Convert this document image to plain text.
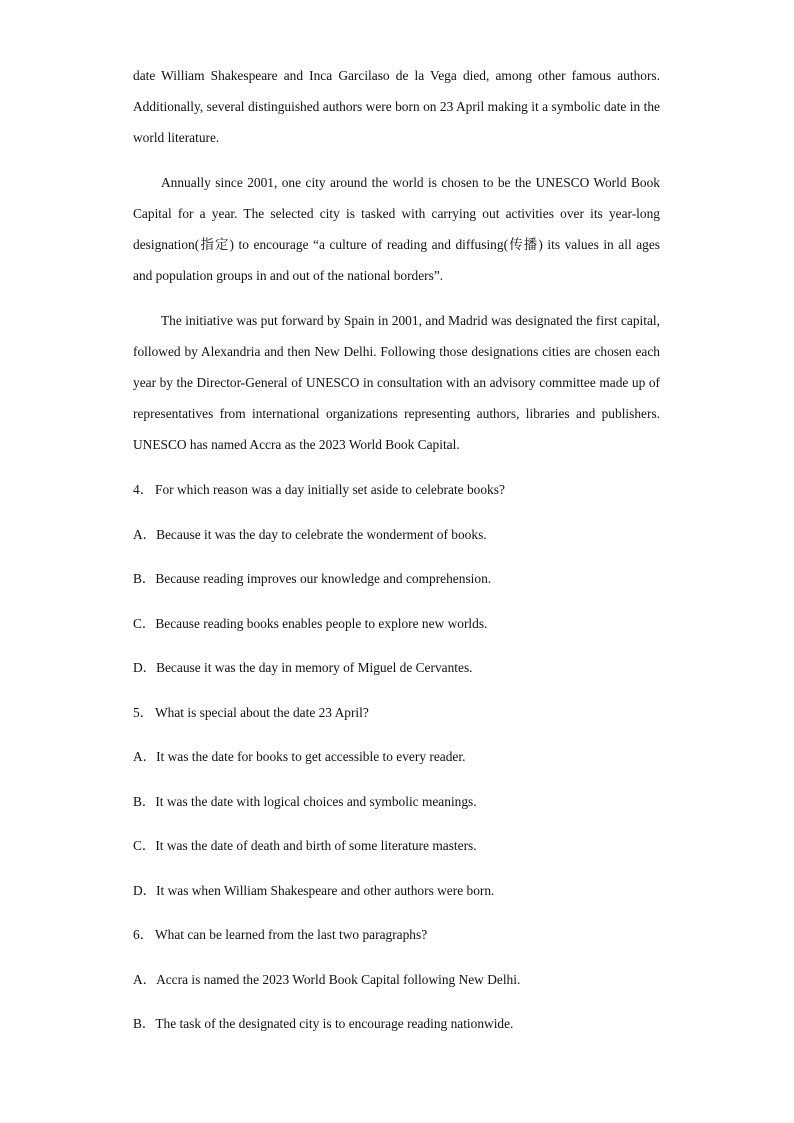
date William Shakespeare and Inca Garcilaso de la Vega died, among other famous authors. Additionally, several distinguished authors were born on 23 April making it a symbolic date in the world literature.

Annually since 2001, one city around the world is chosen to be the UNESCO World Book Capital for a year. The selected city is tasked with carrying out activities over its year-long designation(指定) to encourage “a culture of reading and diffusing(传播) its values in all ages and population groups in and out of the national borders”.

The initiative was put forward by Spain in 2001, and Madrid was designated the first capital, followed by Alexandria and then New Delhi. Following those designations cities are chosen each year by the Director-General of UNESCO in consultation with an advisory committee made up of representatives from international organizations representing authors, libraries and publishers. UNESCO has named Accra as the 2023 World Book Capital.

4． For which reason was a day initially set aside to celebrate books?
A．Because it was the day to celebrate the wonderment of books.
B．Because reading improves our knowledge and comprehension.
C．Because reading books enables people to explore new worlds.
D．Because it was the day in memory of Miguel de Cervantes.
5． What is special about the date 23 April?
A．It was the date for books to get accessible to every reader.
B．It was the date with logical choices and symbolic meanings.
C．It was the date of death and birth of some literature masters.
D．It was when William Shakespeare and other authors were born.
6． What can be learned from the last two paragraphs?
A．Accra is named the 2023 World Book Capital following New Delhi.
B．The task of the designated city is to encourage reading nationwide.
